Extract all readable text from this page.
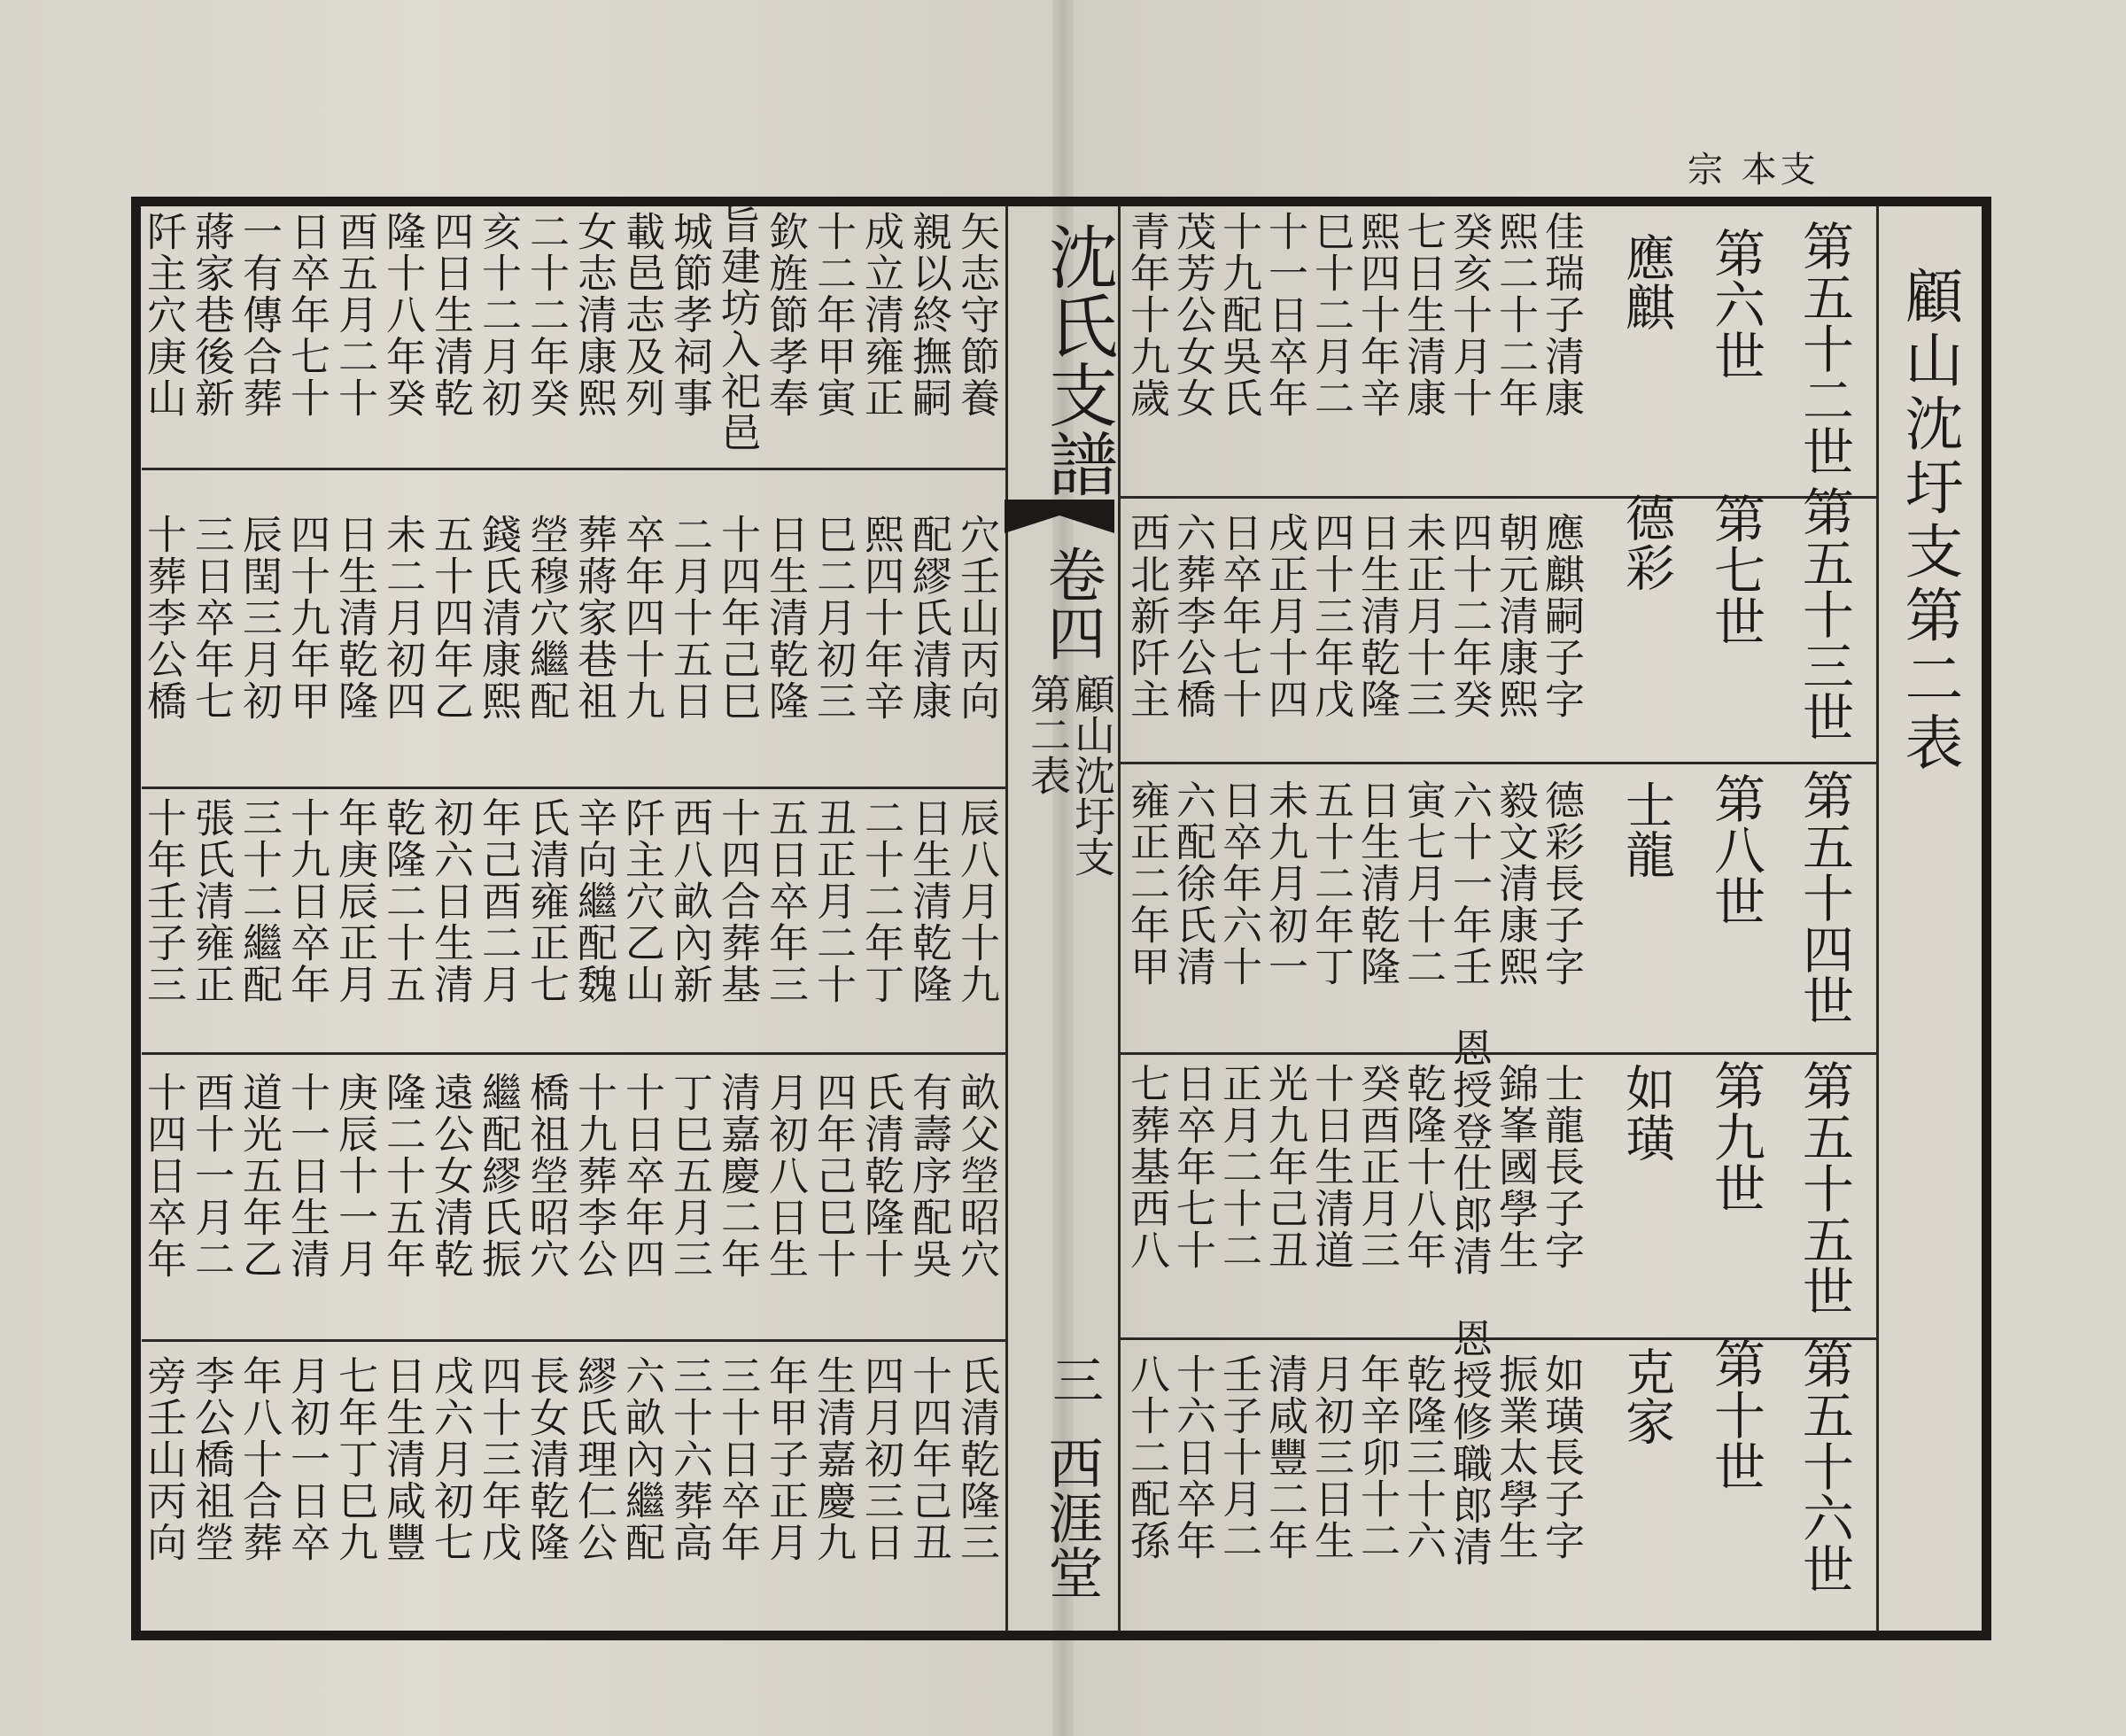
宗 本支
顧山沈圩支第二表
第五十二世
第六世
應麒
佳瑞子清康
熙二十二年
癸亥十月十
七日生清康
熙四十年辛
巳十二月二
十一日卒年
十九配吳氏
茂芳公女女
青年十九歲
第五十三世
第七世
德彩
應麒嗣子字
朝元清康熙
四十二年癸
未正月十三
日生清乾隆
四十三年戊
戌正月十四
日卒年七十
六葬李公橋
西北新阡主
第五十四世
第八世
士龍
德彩長子字
毅文清康熙
六十一年壬
寅七月十二
日生清乾隆
五十二年丁
未九月初一
日卒年六十
六配徐氏清
雍正二年甲
第五十五世
第九世
如璜
士龍長子字
錦峯國學生
恩授登仕郎清
乾隆十八年
癸酉正月三
十日生清道
光九年己丑
正月二十二
日卒年七十
七葬基西八
第五十六世
第十世
克家
如璜長子字
振業太學生
恩授修職郎清
乾隆三十六
年辛卯十二
月初三日生
清咸豐二年
壬子十月二
十六日卒年
八十二配孫
沈氏支譜
卷四
第二表
顧山沈圩支
三
西涯堂
矢志守節養
親以終撫嗣
成立清雍正
十二年甲寅
欽旌節孝奉
旨建坊入祀邑
城節孝祠事
載邑志及列
女志清康熙
二十二年癸
亥十二月初
四日生清乾
隆十八年癸
酉五月二十
日卒年七十
一有傳合葬
蔣家巷後新
阡主穴庚山
穴壬山丙向
配繆氏清康
熙四十年辛
巳二月初三
日生清乾隆
十四年己巳
二月十五日
卒年四十九
葬蔣家巷祖
塋穆穴繼配
錢氏清康熙
五十四年乙
未二月初四
日生清乾隆
四十九年甲
辰閏三月初
三日卒年七
十葬李公橋
辰八月十九
日生清乾隆
二十二年丁
丑正月二十
五日卒年三
十四合葬基
西八畝內新
阡主穴乙山
辛向繼配魏
氏清雍正七
年己酉二月
初六日生清
乾隆二十五
年庚辰正月
十九日卒年
三十二繼配
張氏清雍正
十年壬子三
畝父塋昭穴
有壽序配吳
氏清乾隆十
四年己巳十
月初八日生
清嘉慶二年
丁巳五月三
十日卒年四
十九葬李公
橋祖塋昭穴
繼配繆氏振
遠公女清乾
隆二十五年
庚辰十一月
十一日生清
道光五年乙
酉十一月二
十四日卒年
氏清乾隆三
十四年己丑
四月初三日
生清嘉慶九
年甲子正月
三十日卒年
三十六葬高
六畝內繼配
繆氏理仁公
長女清乾隆
四十三年戊
戌六月初七
日生清咸豐
七年丁巳九
月初一日卒
年八十合葬
李公橋祖塋
旁壬山丙向
